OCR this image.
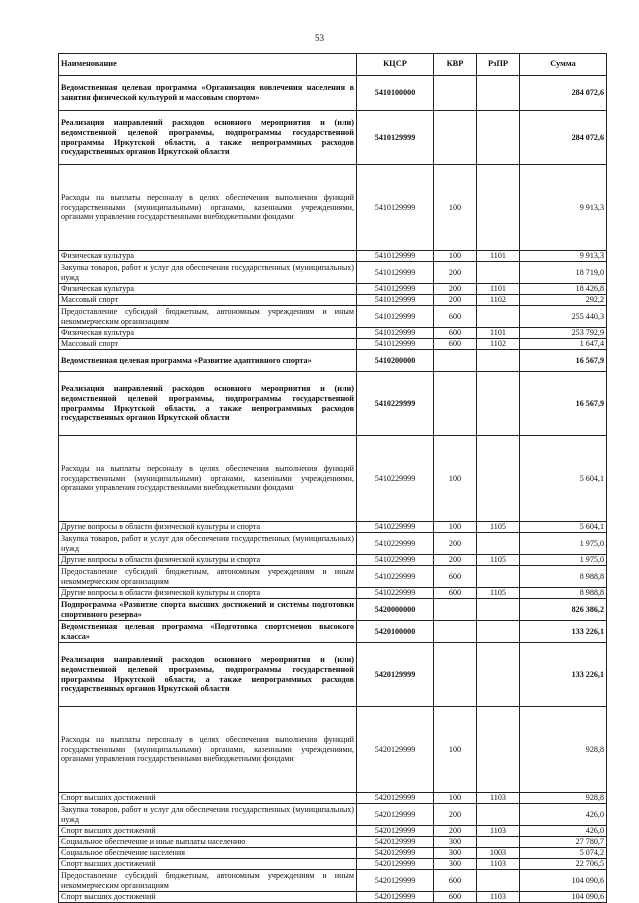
53
Наименование	КЦСР	КВР	РзПР	Сумма
Ведомственная целевая программа «Организация вовлечения населения в занятия физической культурой и массовым спортом»	5410100000			284 072,6
Реализация направлений расходов основного мероприятия и (или) ведомственной целевой программы, подпрограммы государственной программы Иркутской области, а также непрограммных расходов государственных органов Иркутской области	5410129999			284 072,6
Расходы на выплаты персоналу в целях обеспечения выполнения функций государственными (муниципальными) органами, казенными учреждениями, органами управления государственными внебюджетными фондами	5410129999	100		9 913,3
Физическая культура	5410129999	100	1101	9 913,3
Закупка товаров, работ и услуг для обеспечения государственных (муниципальных) нужд	5410129999	200		18 719,0
Физическая культура	5410129999	200	1101	18 426,8
Массовый спорт	5410129999	200	1102	292,2
Предоставление субсидий бюджетным, автономным учреждениям и иным некоммерческим организациям	5410129999	600		255 440,3
Физическая культура	5410129999	600	1101	253 792,9
Массовый спорт	5410129999	600	1102	1 647,4
Ведомственная целевая программа «Развитие адаптивного спорта»	5410200000			16 567,9
Реализация направлений расходов основного мероприятия и (или) ведомственной целевой программы, подпрограммы государственной программы Иркутской области, а также непрограммных расходов государственных органов Иркутской области	5410229999			16 567,9
Расходы на выплаты персоналу в целях обеспечения выполнения функций государственными (муниципальными) органами, казенными учреждениями, органами управления государственными внебюджетными фондами	5410229999	100		5 604,1
Другие вопросы в области физической культуры и спорта	5410229999	100	1105	5 604,1
Закупка товаров, работ и услуг для обеспечения государственных (муниципальных) нужд	5410229999	200		1 975,0
Другие вопросы в области физической культуры и спорта	5410229999	200	1105	1 975,0
Предоставление субсидий бюджетным, автономным учреждениям и иным некоммерческим организациям	5410229999	600		8 988,8
Другие вопросы в области физической культуры и спорта	5410229999	600	1105	8 988,8
Подпрограмма «Развитие спорта высших достижений и системы подготовки спортивного резерва»	5420000000			826 386,2
Ведомственная целевая программа «Подготовка спортсменов высокого класса»	5420100000			133 226,1
Реализация направлений расходов основного мероприятия и (или) ведомственной целевой программы, подпрограммы государственной программы Иркутской области, а также непрограммных расходов государственных органов Иркутской области	5420129999			133 226,1
Расходы на выплаты персоналу в целях обеспечения выполнения функций государственными (муниципальными) органами, казенными учреждениями, органами управления государственными внебюджетными фондами	5420129999	100		928,8
Спорт высших достижений	5420129999	100	1103	928,8
Закупка товаров, работ и услуг для обеспечения государственных (муниципальных) нужд	5420129999	200		426,0
Спорт высших достижений	5420129999	200	1103	426,0
Социальное обеспечение и иные выплаты населению	5420129999	300		27 780,7
Социальное обеспечение населения	5420129999	300	1003	5 074,2
Спорт высших достижений	5420129999	300	1103	22 706,5
Предоставление субсидий бюджетным, автономным учреждениям и иным некоммерческим организациям	5420129999	600		104 090,6
Спорт высших достижений	5420129999	600	1103	104 090,6
